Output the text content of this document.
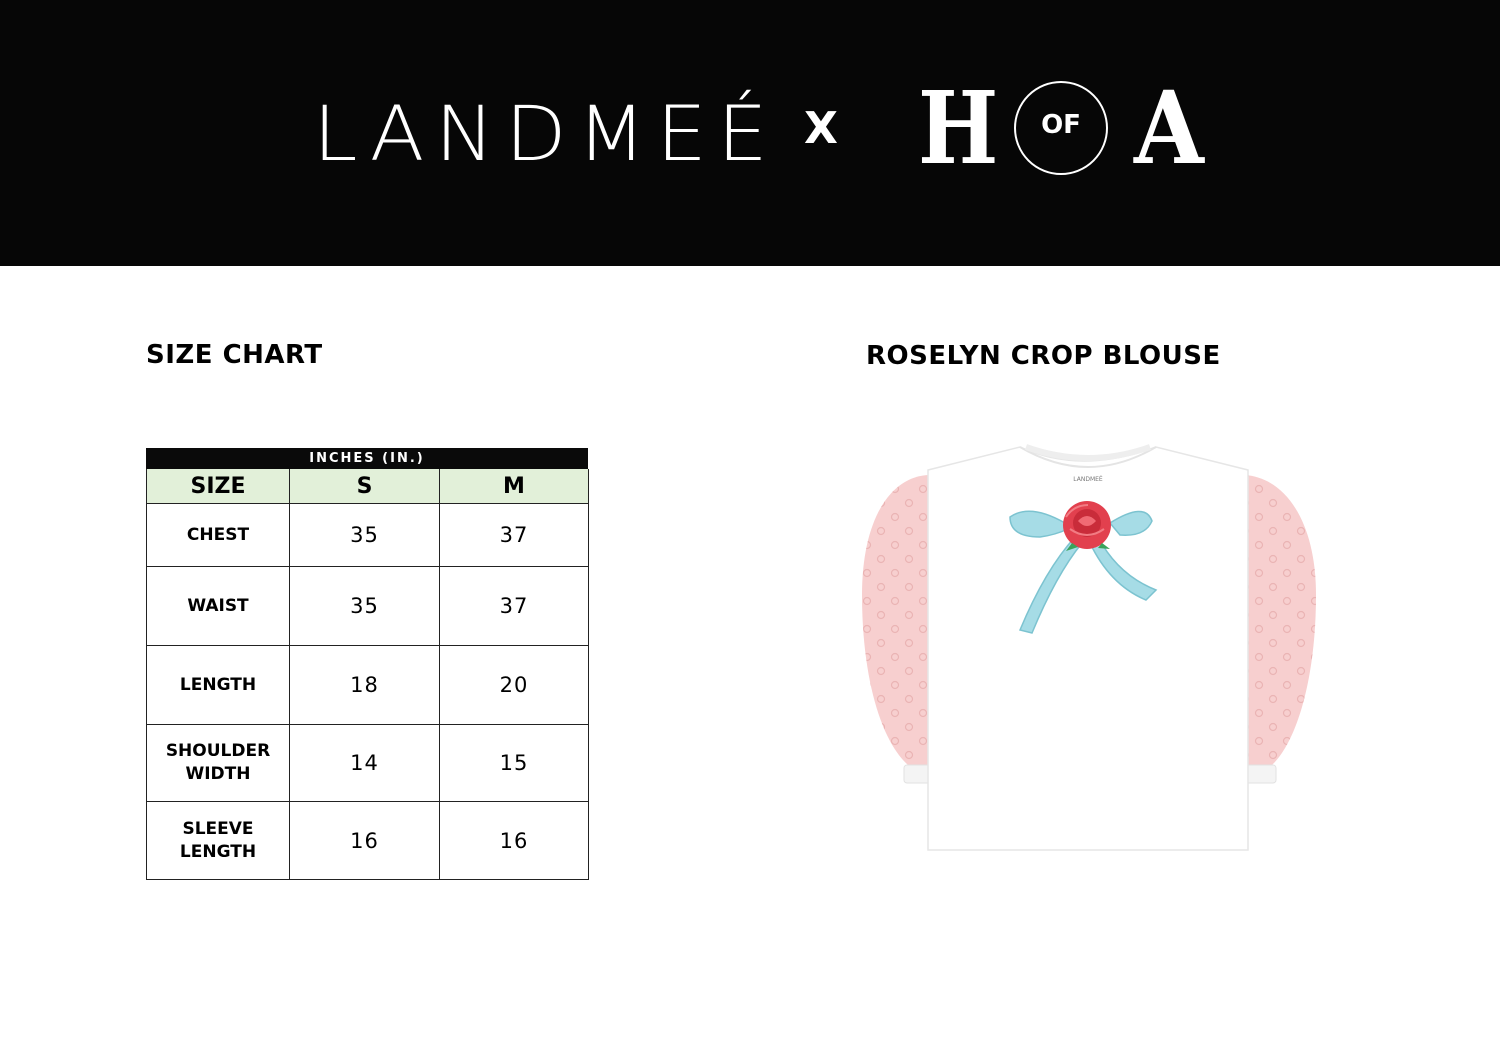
LANDMEÉ X H	OF A
SIZE CHART	ROSELYN CROP BLOUSE
INCHES (IN.)
SIZE	S	M
CHEST	35	37
WAIST	35	37
LENGTH	18	20
SHOULDER
WIDTH	14	15
SLEEVE
LENGTH	16	16
LANDMEÉ
